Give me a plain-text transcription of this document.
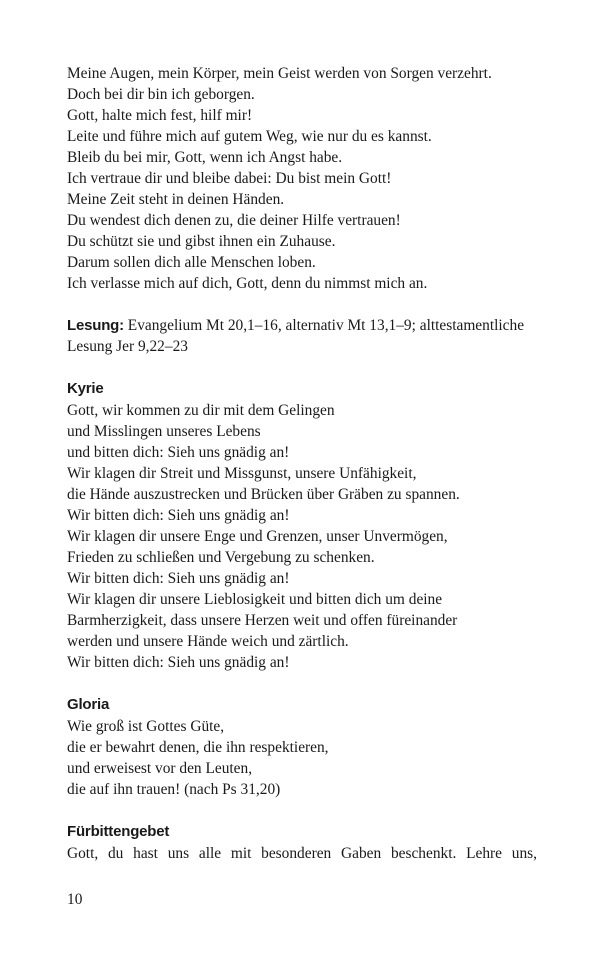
Meine Augen, mein Körper, mein Geist werden von Sorgen verzehrt.
Doch bei dir bin ich geborgen.
Gott, halte mich fest, hilf mir!
Leite und führe mich auf gutem Weg, wie nur du es kannst.
Bleib du bei mir, Gott, wenn ich Angst habe.
Ich vertraue dir und bleibe dabei: Du bist mein Gott!
Meine Zeit steht in deinen Händen.
Du wendest dich denen zu, die deiner Hilfe vertrauen!
Du schützt sie und gibst ihnen ein Zuhause.
Darum sollen dich alle Menschen loben.
Ich verlasse mich auf dich, Gott, denn du nimmst mich an.
Lesung: Evangelium Mt 20,1–16, alternativ Mt 13,1–9; alttestamentliche
Lesung Jer 9,22–23
Kyrie
Gott, wir kommen zu dir mit dem Gelingen
und Misslingen unseres Lebens
und bitten dich: Sieh uns gnädig an!
Wir klagen dir Streit und Missgunst, unsere Unfähigkeit,
die Hände auszustrecken und Brücken über Gräben zu spannen.
Wir bitten dich: Sieh uns gnädig an!
Wir klagen dir unsere Enge und Grenzen, unser Unvermögen,
Frieden zu schließen und Vergebung zu schenken.
Wir bitten dich: Sieh uns gnädig an!
Wir klagen dir unsere Lieblosigkeit und bitten dich um deine
Barmherzigkeit, dass unsere Herzen weit und offen füreinander
werden und unsere Hände weich und zärtlich.
Wir bitten dich: Sieh uns gnädig an!
Gloria
Wie groß ist Gottes Güte,
die er bewahrt denen, die ihn respektieren,
und erweisest vor den Leuten,
die auf ihn trauen! (nach Ps 31,20)
Fürbittengebet
Gott, du hast uns alle mit besonderen Gaben beschenkt. Lehre uns,
10
